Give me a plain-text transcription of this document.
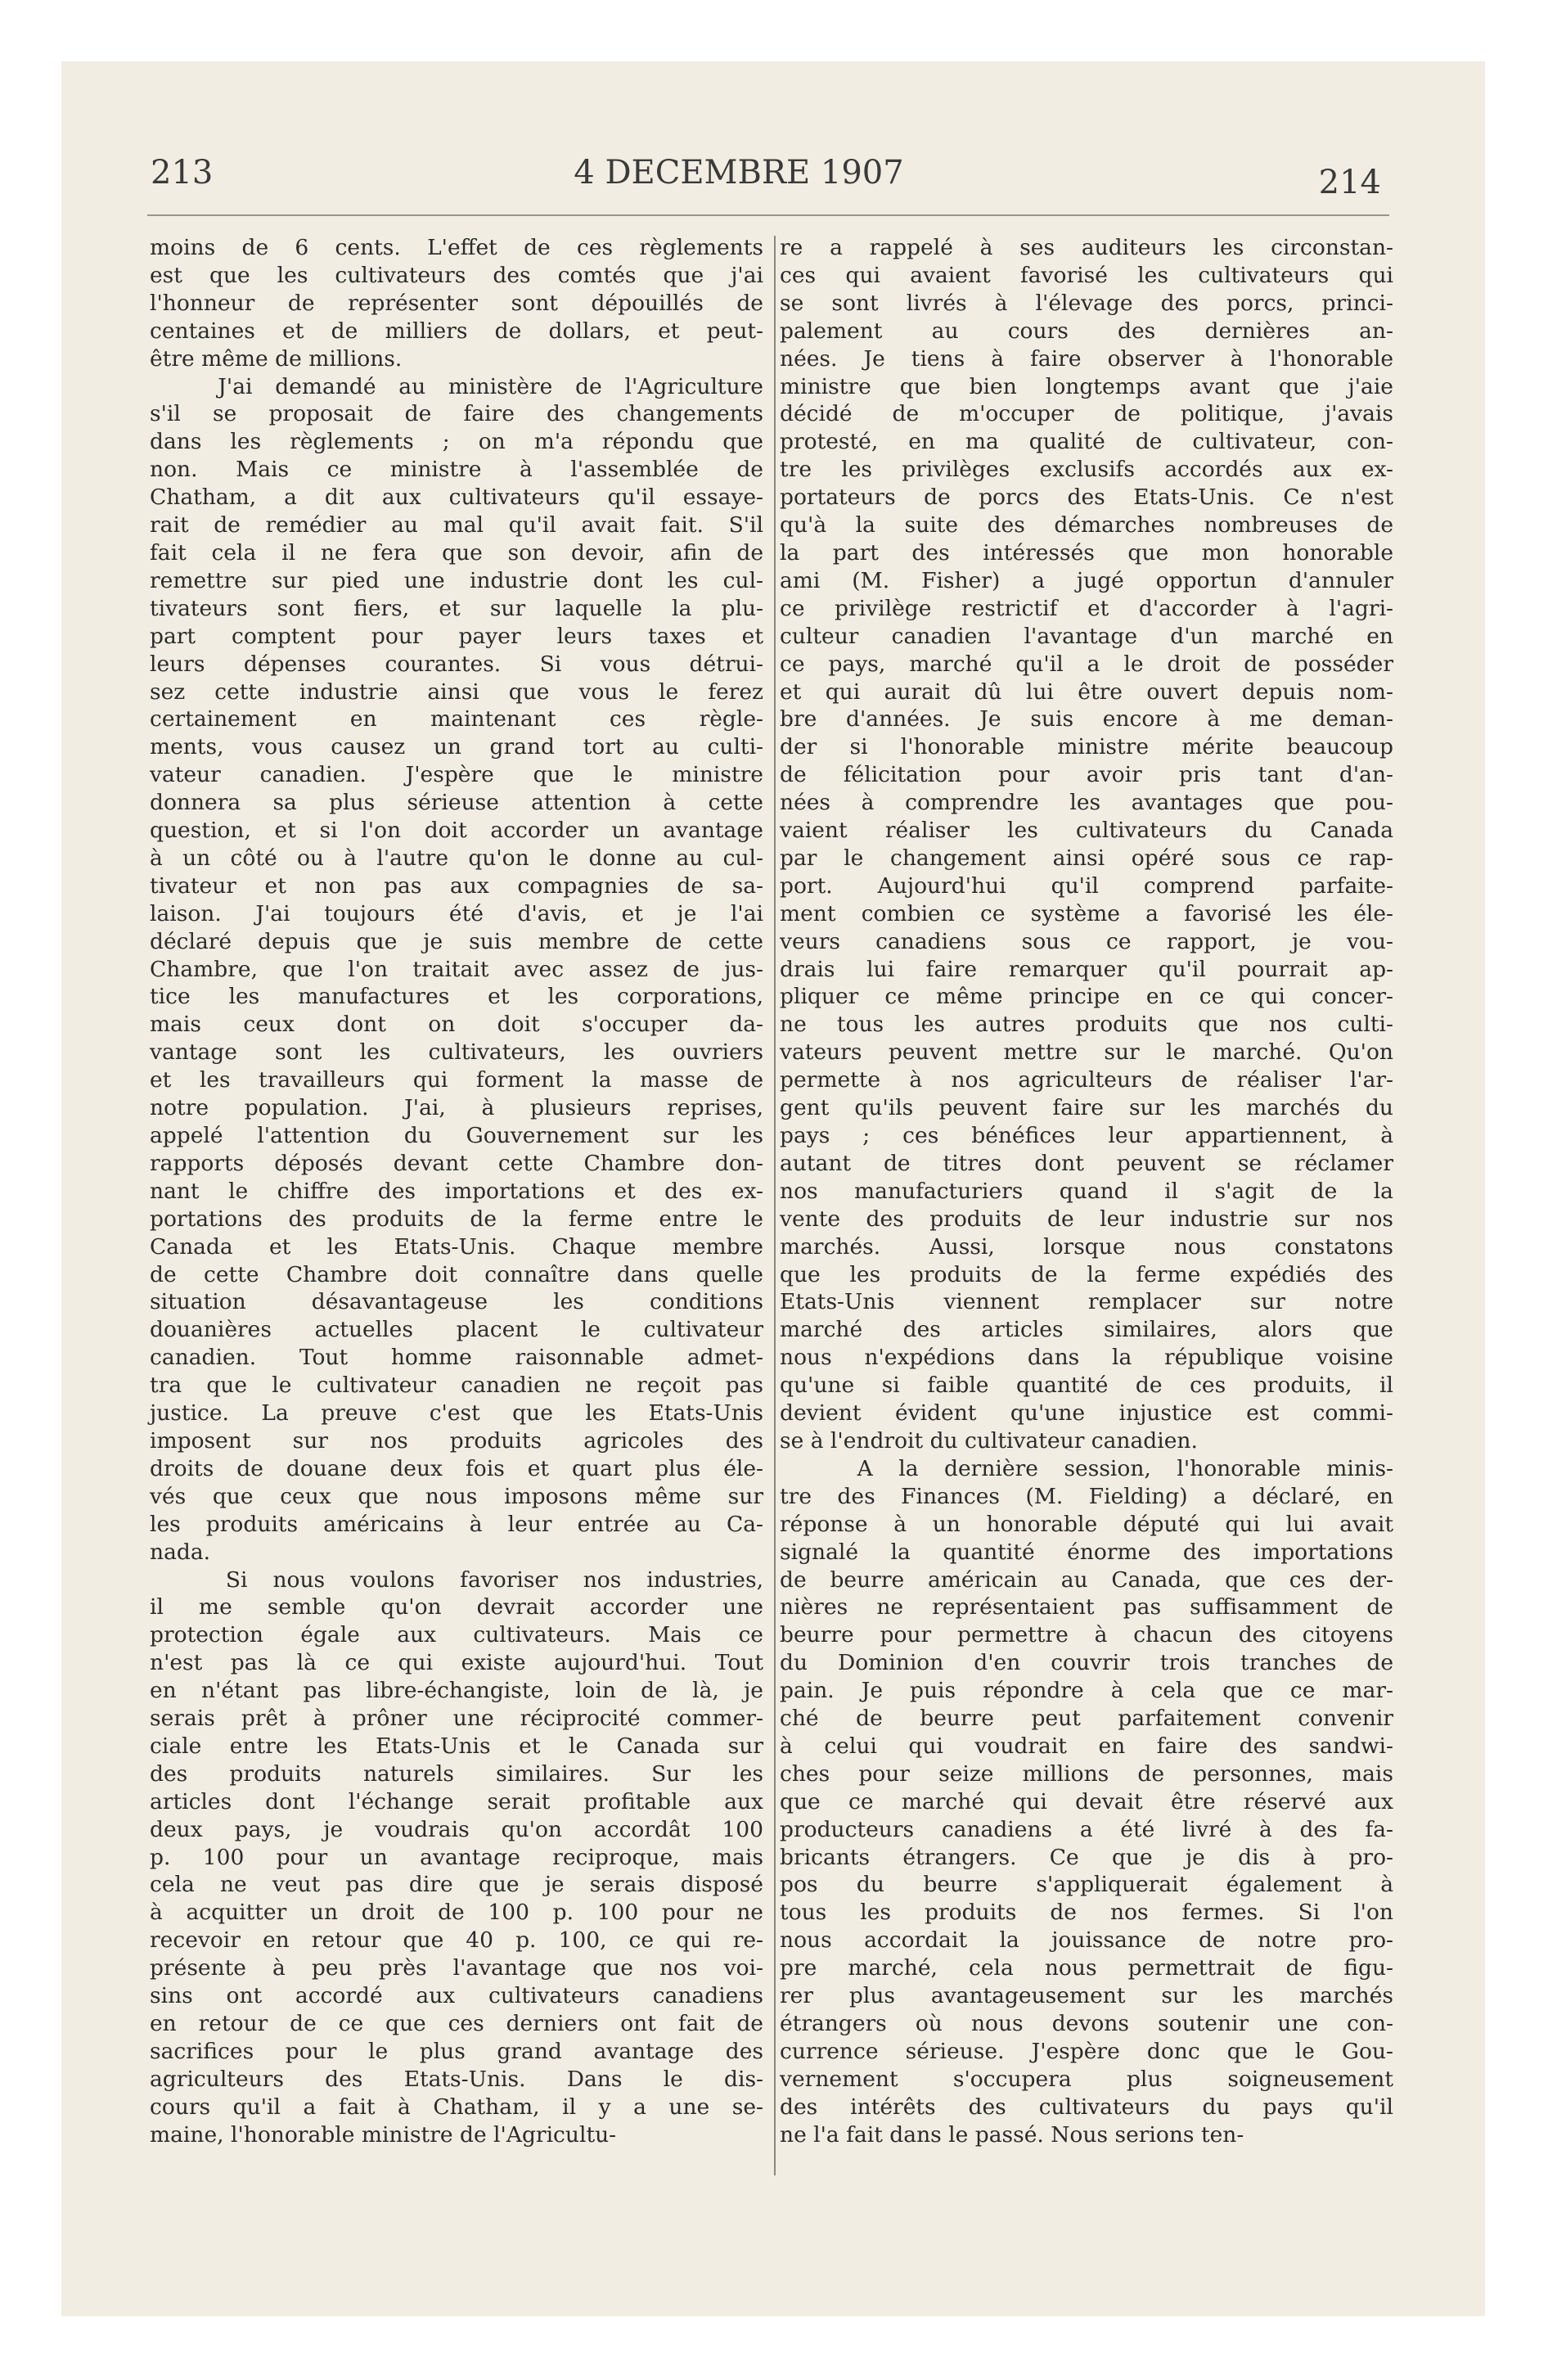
213	4 DECEMBRE 1907	214
moins de 6 cents. L'effet de ces règlements
est que les cultivateurs des comtés que j'ai
l'honneur de représenter sont dépouillés de
centaines et de milliers de dollars, et peut-
être même de millions.
J'ai demandé au ministère de l'Agriculture
s'il se proposait de faire des changements
dans les règlements ; on m'a répondu que
non. Mais ce ministre à l'assemblée de
Chatham, a dit aux cultivateurs qu'il essaye-
rait de remédier au mal qu'il avait fait. S'il
fait cela il ne fera que son devoir, afin de
remettre sur pied une industrie dont les cul-
tivateurs sont fiers, et sur laquelle la plu-
part comptent pour payer leurs taxes et
leurs dépenses courantes. Si vous détrui-
sez cette industrie ainsi que vous le ferez
certainement en maintenant ces règle-
ments, vous causez un grand tort au culti-
vateur canadien. J'espère que le ministre
donnera sa plus sérieuse attention à cette
question, et si l'on doit accorder un avantage
à un côté ou à l'autre qu'on le donne au cul-
tivateur et non pas aux compagnies de sa-
laison. J'ai toujours été d'avis, et je l'ai
déclaré depuis que je suis membre de cette
Chambre, que l'on traitait avec assez de jus-
tice les manufactures et les corporations,
mais ceux dont on doit s'occuper da-
vantage sont les cultivateurs, les ouvriers
et les travailleurs qui forment la masse de
notre population. J'ai, à plusieurs reprises,
appelé l'attention du Gouvernement sur les
rapports déposés devant cette Chambre don-
nant le chiffre des importations et des ex-
portations des produits de la ferme entre le
Canada et les Etats-Unis. Chaque membre
de cette Chambre doit connaître dans quelle
situation désavantageuse les conditions
douanières actuelles placent le cultivateur
canadien. Tout homme raisonnable admet-
tra que le cultivateur canadien ne reçoit pas
justice. La preuve c'est que les Etats-Unis
imposent sur nos produits agricoles des
droits de douane deux fois et quart plus éle-
vés que ceux que nous imposons même sur
les produits américains à leur entrée au Ca-
nada.
Si nous voulons favoriser nos industries,
il me semble qu'on devrait accorder une
protection égale aux cultivateurs. Mais ce
n'est pas là ce qui existe aujourd'hui. Tout
en n'étant pas libre-échangiste, loin de là, je
serais prêt à prôner une réciprocité commer-
ciale entre les Etats-Unis et le Canada sur
des produits naturels similaires. Sur les
articles dont l'échange serait profitable aux
deux pays, je voudrais qu'on accordât 100
p. 100 pour un avantage reciproque, mais
cela ne veut pas dire que je serais disposé
à acquitter un droit de 100 p. 100 pour ne
recevoir en retour que 40 p. 100, ce qui re-
présente à peu près l'avantage que nos voi-
sins ont accordé aux cultivateurs canadiens
en retour de ce que ces derniers ont fait de
sacrifices pour le plus grand avantage des
agriculteurs des Etats-Unis. Dans le dis-
cours qu'il a fait à Chatham, il y a une se-
maine, l'honorable ministre de l'Agricultu-
re a rappelé à ses auditeurs les circonstan-
ces qui avaient favorisé les cultivateurs qui
se sont livrés à l'élevage des porcs, princi-
palement au cours des dernières an-
nées. Je tiens à faire observer à l'honorable
ministre que bien longtemps avant que j'aie
décidé de m'occuper de politique, j'avais
protesté, en ma qualité de cultivateur, con-
tre les privilèges exclusifs accordés aux ex-
portateurs de porcs des Etats-Unis. Ce n'est
qu'à la suite des démarches nombreuses de
la part des intéressés que mon honorable
ami (M. Fisher) a jugé opportun d'annuler
ce privilège restrictif et d'accorder à l'agri-
culteur canadien l'avantage d'un marché en
ce pays, marché qu'il a le droit de posséder
et qui aurait dû lui être ouvert depuis nom-
bre d'années. Je suis encore à me deman-
der si l'honorable ministre mérite beaucoup
de félicitation pour avoir pris tant d'an-
nées à comprendre les avantages que pou-
vaient réaliser les cultivateurs du Canada
par le changement ainsi opéré sous ce rap-
port. Aujourd'hui qu'il comprend parfaite-
ment combien ce système a favorisé les éle-
veurs canadiens sous ce rapport, je vou-
drais lui faire remarquer qu'il pourrait ap-
pliquer ce même principe en ce qui concer-
ne tous les autres produits que nos culti-
vateurs peuvent mettre sur le marché. Qu'on
permette à nos agriculteurs de réaliser l'ar-
gent qu'ils peuvent faire sur les marchés du
pays ; ces bénéfices leur appartiennent, à
autant de titres dont peuvent se réclamer
nos manufacturiers quand il s'agit de la
vente des produits de leur industrie sur nos
marchés. Aussi, lorsque nous constatons
que les produits de la ferme expédiés des
Etats-Unis viennent remplacer sur notre
marché des articles similaires, alors que
nous n'expédions dans la république voisine
qu'une si faible quantité de ces produits, il
devient évident qu'une injustice est commi-
se à l'endroit du cultivateur canadien.
A la dernière session, l'honorable minis-
tre des Finances (M. Fielding) a déclaré, en
réponse à un honorable député qui lui avait
signalé la quantité énorme des importations
de beurre américain au Canada, que ces der-
nières ne représentaient pas suffisamment de
beurre pour permettre à chacun des citoyens
du Dominion d'en couvrir trois tranches de
pain. Je puis répondre à cela que ce mar-
ché de beurre peut parfaitement convenir
à celui qui voudrait en faire des sandwi-
ches pour seize millions de personnes, mais
que ce marché qui devait être réservé aux
producteurs canadiens a été livré à des fa-
bricants étrangers. Ce que je dis à pro-
pos du beurre s'appliquerait également à
tous les produits de nos fermes. Si l'on
nous accordait la jouissance de notre pro-
pre marché, cela nous permettrait de figu-
rer plus avantageusement sur les marchés
étrangers où nous devons soutenir une con-
currence sérieuse. J'espère donc que le Gou-
vernement s'occupera plus soigneusement
des intérêts des cultivateurs du pays qu'il
ne l'a fait dans le passé. Nous serions ten-
